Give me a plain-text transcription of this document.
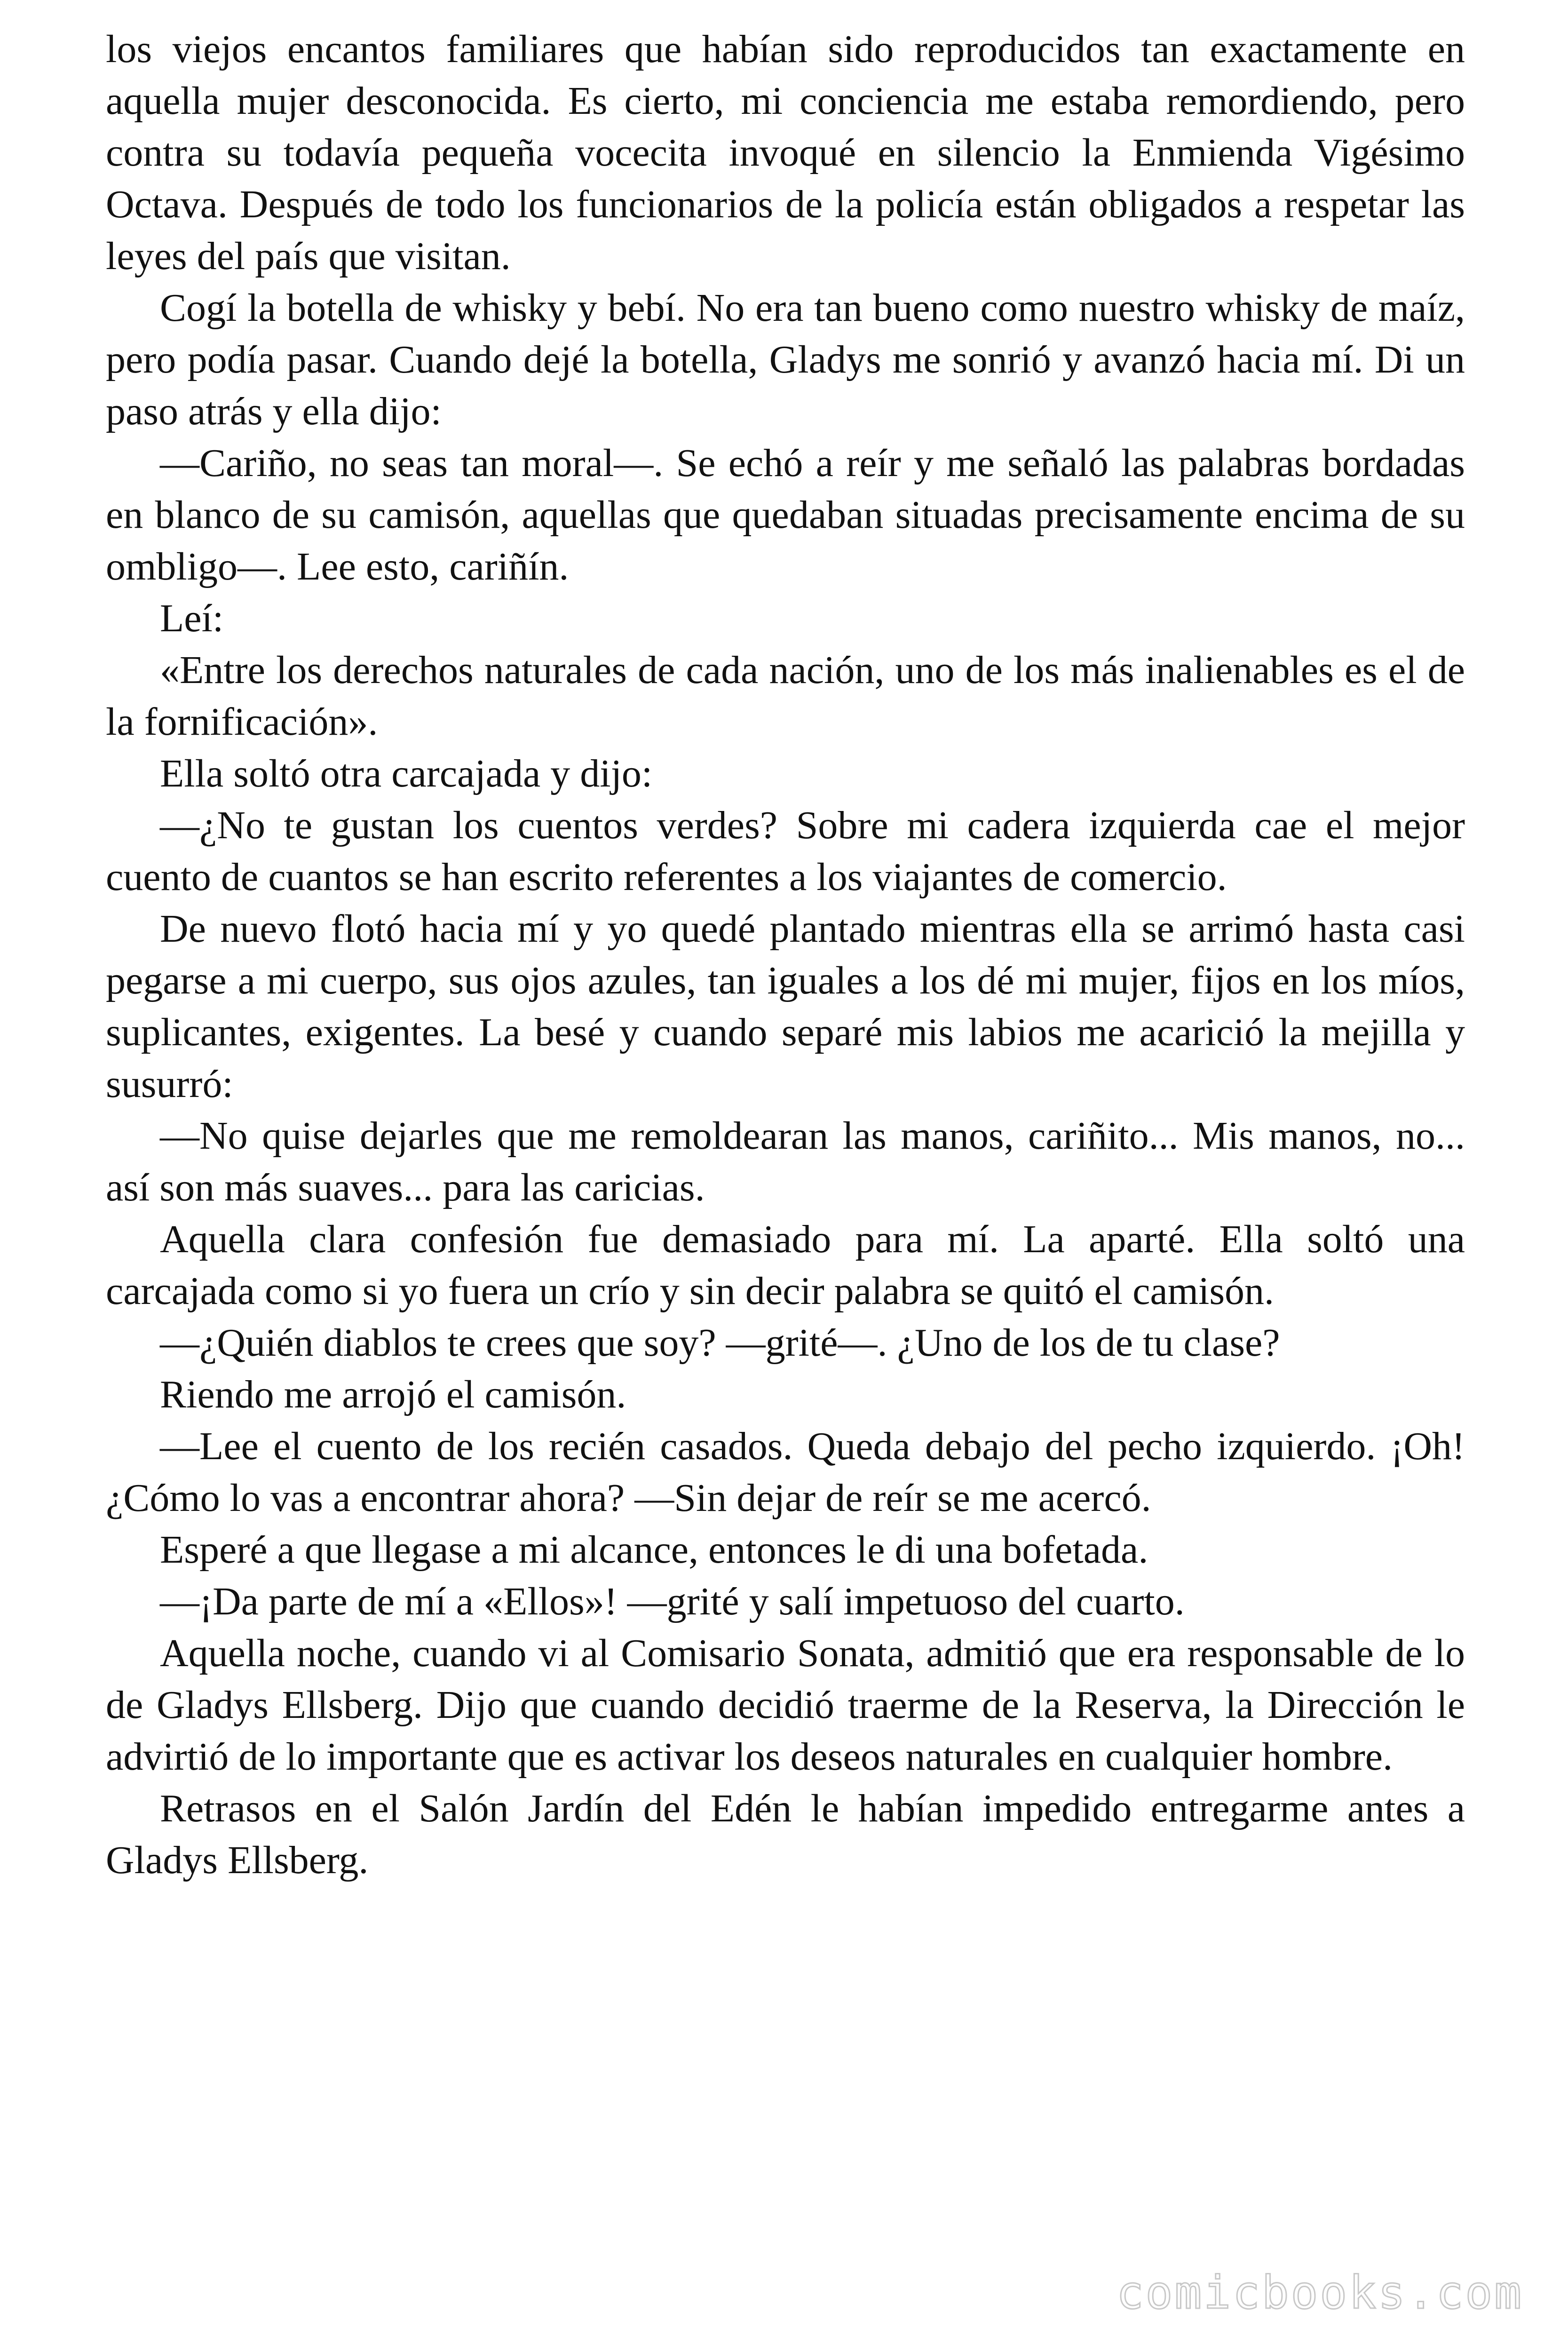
los viejos encantos familiares que habían sido reproducidos tan exactamente en aquella mujer desconocida. Es cierto, mi conciencia me estaba remordiendo, pero contra su todavía pequeña vocecita invoqué en silencio la Enmienda Vigésimo Octava. Después de todo los funcionarios de la policía están obligados a respetar las leyes del país que visitan.

Cogí la botella de whisky y bebí. No era tan bueno como nuestro whisky de maíz, pero podía pasar. Cuando dejé la botella, Gladys me sonrió y avanzó hacia mí. Di un paso atrás y ella dijo:

—Cariño, no seas tan moral—. Se echó a reír y me señaló las palabras bordadas en blanco de su camisón, aquellas que quedaban situadas precisamente encima de su ombligo—. Lee esto, cariñín.

Leí:

«Entre los derechos naturales de cada nación, uno de los más inalienables es el de la fornificación».

Ella soltó otra carcajada y dijo:

—¿No te gustan los cuentos verdes? Sobre mi cadera izquierda cae el mejor cuento de cuantos se han escrito referentes a los viajantes de comercio.

De nuevo flotó hacia mí y yo quedé plantado mientras ella se arrimó hasta casi pegarse a mi cuerpo, sus ojos azules, tan iguales a los dé mi mujer, fijos en los míos, suplicantes, exigentes. La besé y cuando separé mis labios me acarició la mejilla y susurró:

—No quise dejarles que me remoldearan las manos, cariñito... Mis manos, no... así son más suaves... para las caricias.

Aquella clara confesión fue demasiado para mí. La aparté. Ella soltó una carcajada como si yo fuera un crío y sin decir palabra se quitó el camisón.

—¿Quién diablos te crees que soy? —grité—. ¿Uno de los de tu clase?

Riendo me arrojó el camisón.

—Lee el cuento de los recién casados. Queda debajo del pecho izquierdo. ¡Oh! ¿Cómo lo vas a encontrar ahora? —Sin dejar de reír se me acercó.

Esperé a que llegase a mi alcance, entonces le di una bofetada.

—¡Da parte de mí a «Ellos»! —grité y salí impetuoso del cuarto.

Aquella noche, cuando vi al Comisario Sonata, admitió que era responsable de lo de Gladys Ellsberg. Dijo que cuando decidió traerme de la Reserva, la Dirección le advirtió de lo importante que es activar los deseos naturales en cualquier hombre.

Retrasos en el Salón Jardín del Edén le habían impedido entregarme antes a Gladys Ellsberg.

comicbooks.com
